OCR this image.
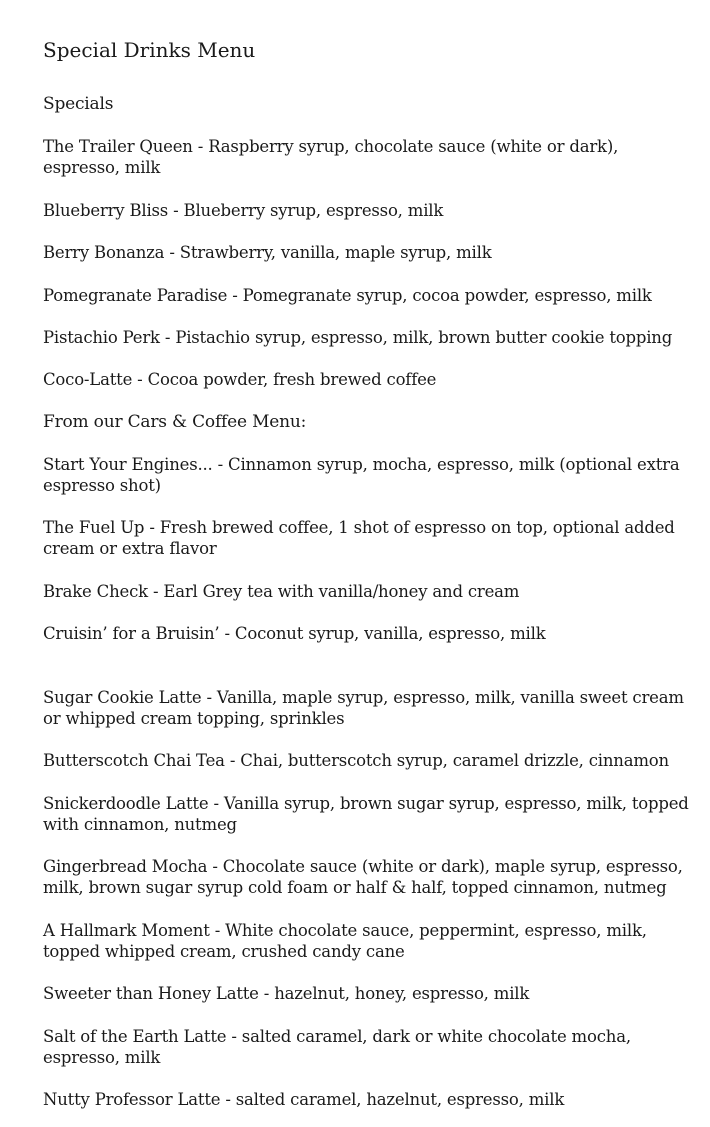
Special Drinks Menu

Specials

The Trailer Queen - Raspberry syrup, chocolate sauce (white or dark), espresso, milk

Blueberry Bliss - Blueberry syrup, espresso, milk

Berry Bonanza - Strawberry, vanilla, maple syrup, milk

Pomegranate Paradise - Pomegranate syrup, cocoa powder, espresso, milk

Pistachio Perk - Pistachio syrup, espresso, milk, brown butter cookie topping

Coco-Latte - Cocoa powder, fresh brewed coffee

From our Cars & Coffee Menu:

Start Your Engines... - Cinnamon syrup, mocha, espresso, milk (optional extra espresso shot)

The Fuel Up - Fresh brewed coffee, 1 shot of espresso on top, optional added cream or extra flavor

Brake Check - Earl Grey tea with vanilla/honey and cream

Cruisin’ for a Bruisin’ - Coconut syrup, vanilla, espresso, milk

Sugar Cookie Latte - Vanilla, maple syrup, espresso, milk, vanilla sweet cream or whipped cream topping, sprinkles

Butterscotch Chai Tea - Chai, butterscotch syrup, caramel drizzle, cinnamon

Snickerdoodle Latte - Vanilla syrup, brown sugar syrup, espresso, milk, topped with cinnamon, nutmeg

Gingerbread Mocha - Chocolate sauce (white or dark), maple syrup, espresso, milk, brown sugar syrup cold foam or half & half, topped cinnamon, nutmeg

A Hallmark Moment - White chocolate sauce, peppermint, espresso, milk, topped whipped cream, crushed candy cane

Sweeter than Honey Latte - hazelnut, honey, espresso, milk

Salt of the Earth Latte - salted caramel, dark or white chocolate mocha, espresso, milk

Nutty Professor Latte - salted caramel, hazelnut, espresso, milk
